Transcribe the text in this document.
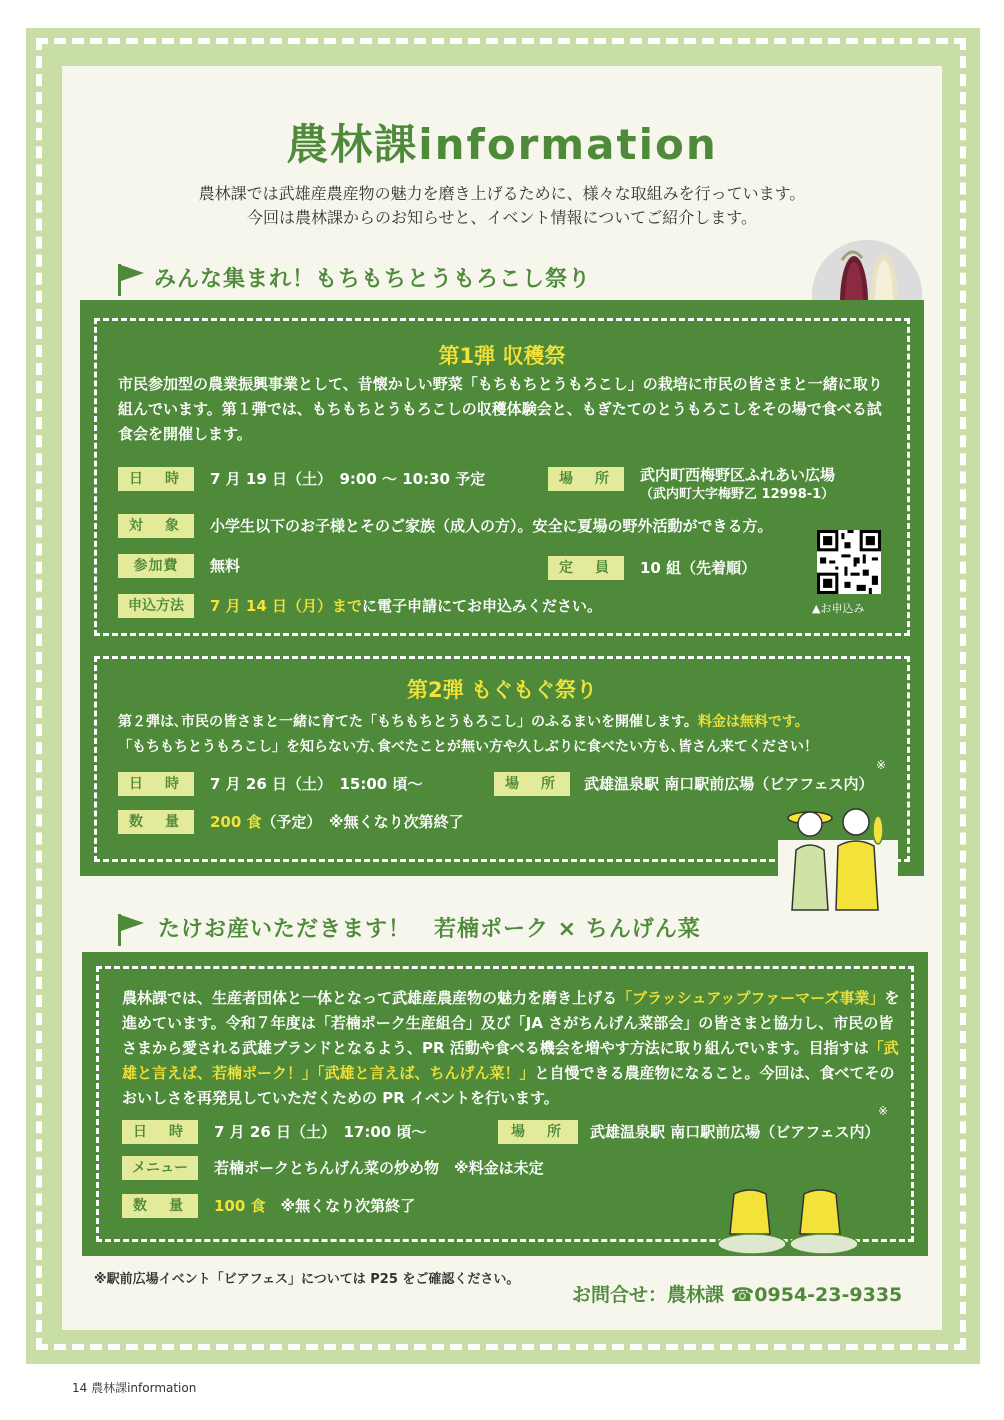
農林課information
農林課では武雄産農産物の魅力を磨き上げるために、様々な取組みを行っています。
今回は農林課からのお知らせと、イベント情報についてご紹介します。
みんな集まれ！もちもちとうもろこし祭り
第1弾 収穫祭
市民参加型の農業振興事業として、昔懐かしい野菜「もちもちとうもろこし」の栽培に市民の皆さまと一緒に取り組んでいます。第１弾では、もちもちとうもろこしの収穫体験会と、もぎたてのとうもろこしをその場で食べる試食会を開催します。
日　時	7 月 19 日（土）　9:00 〜 10:30 予定	場　所	武内町西梅野区ふれあい広場
（武内町大字梅野乙 12998-1）
対　象	小学生以下のお子様とそのご家族（成人の方）。安全に夏場の野外活動ができる方。
参加費	無料	定　員	10 組（先着順）
申込方法	7 月 14 日（月）までに電子申請にてお申込みください。	▲お申込み
第2弾 もぐもぐ祭り
第２弾は､市民の皆さまと一緒に育てた「もちもちとうもろこし」のふるまいを開催します。料金は無料です。
「もちもちとうもろこし」を知らない方､食べたことが無い方や久しぶりに食べたい方も､皆さん来てください！
日　時	7 月 26 日（土）　15:00 頃〜	場　所	武雄温泉駅 南口駅前広場（ビアフェス内）
※
数　量	200 食（予定）　※無くなり次第終了
たけお産いただきます！　若楠ポーク × ちんげん菜
農林課では、生産者団体と一体となって武雄産農産物の魅力を磨き上げる「ブラッシュアップファーマーズ事業」を進めています。令和７年度は「若楠ポーク生産組合」及び「JA さがちんげん菜部会」の皆さまと協力し、市民の皆さまから愛される武雄ブランドとなるよう、PR 活動や食べる機会を増やす方法に取り組んでいます。目指すは「武雄と言えば、若楠ポーク！」「武雄と言えば、ちんげん菜！」と自慢できる農産物になること。今回は、食べてそのおいしさを再発見していただくための PR イベントを行います。
日　時	7 月 26 日（土）　17:00 頃〜	場　所	武雄温泉駅 南口駅前広場（ビアフェス内）
※
メニュー	若楠ポークとちんげん菜の炒め物　※料金は未定
数　量	100 食　※無くなり次第終了
※駅前広場イベント「ビアフェス」については P25 をご確認ください。
お問合せ：農林課 ☎0954-23-9335
14 農林課information
